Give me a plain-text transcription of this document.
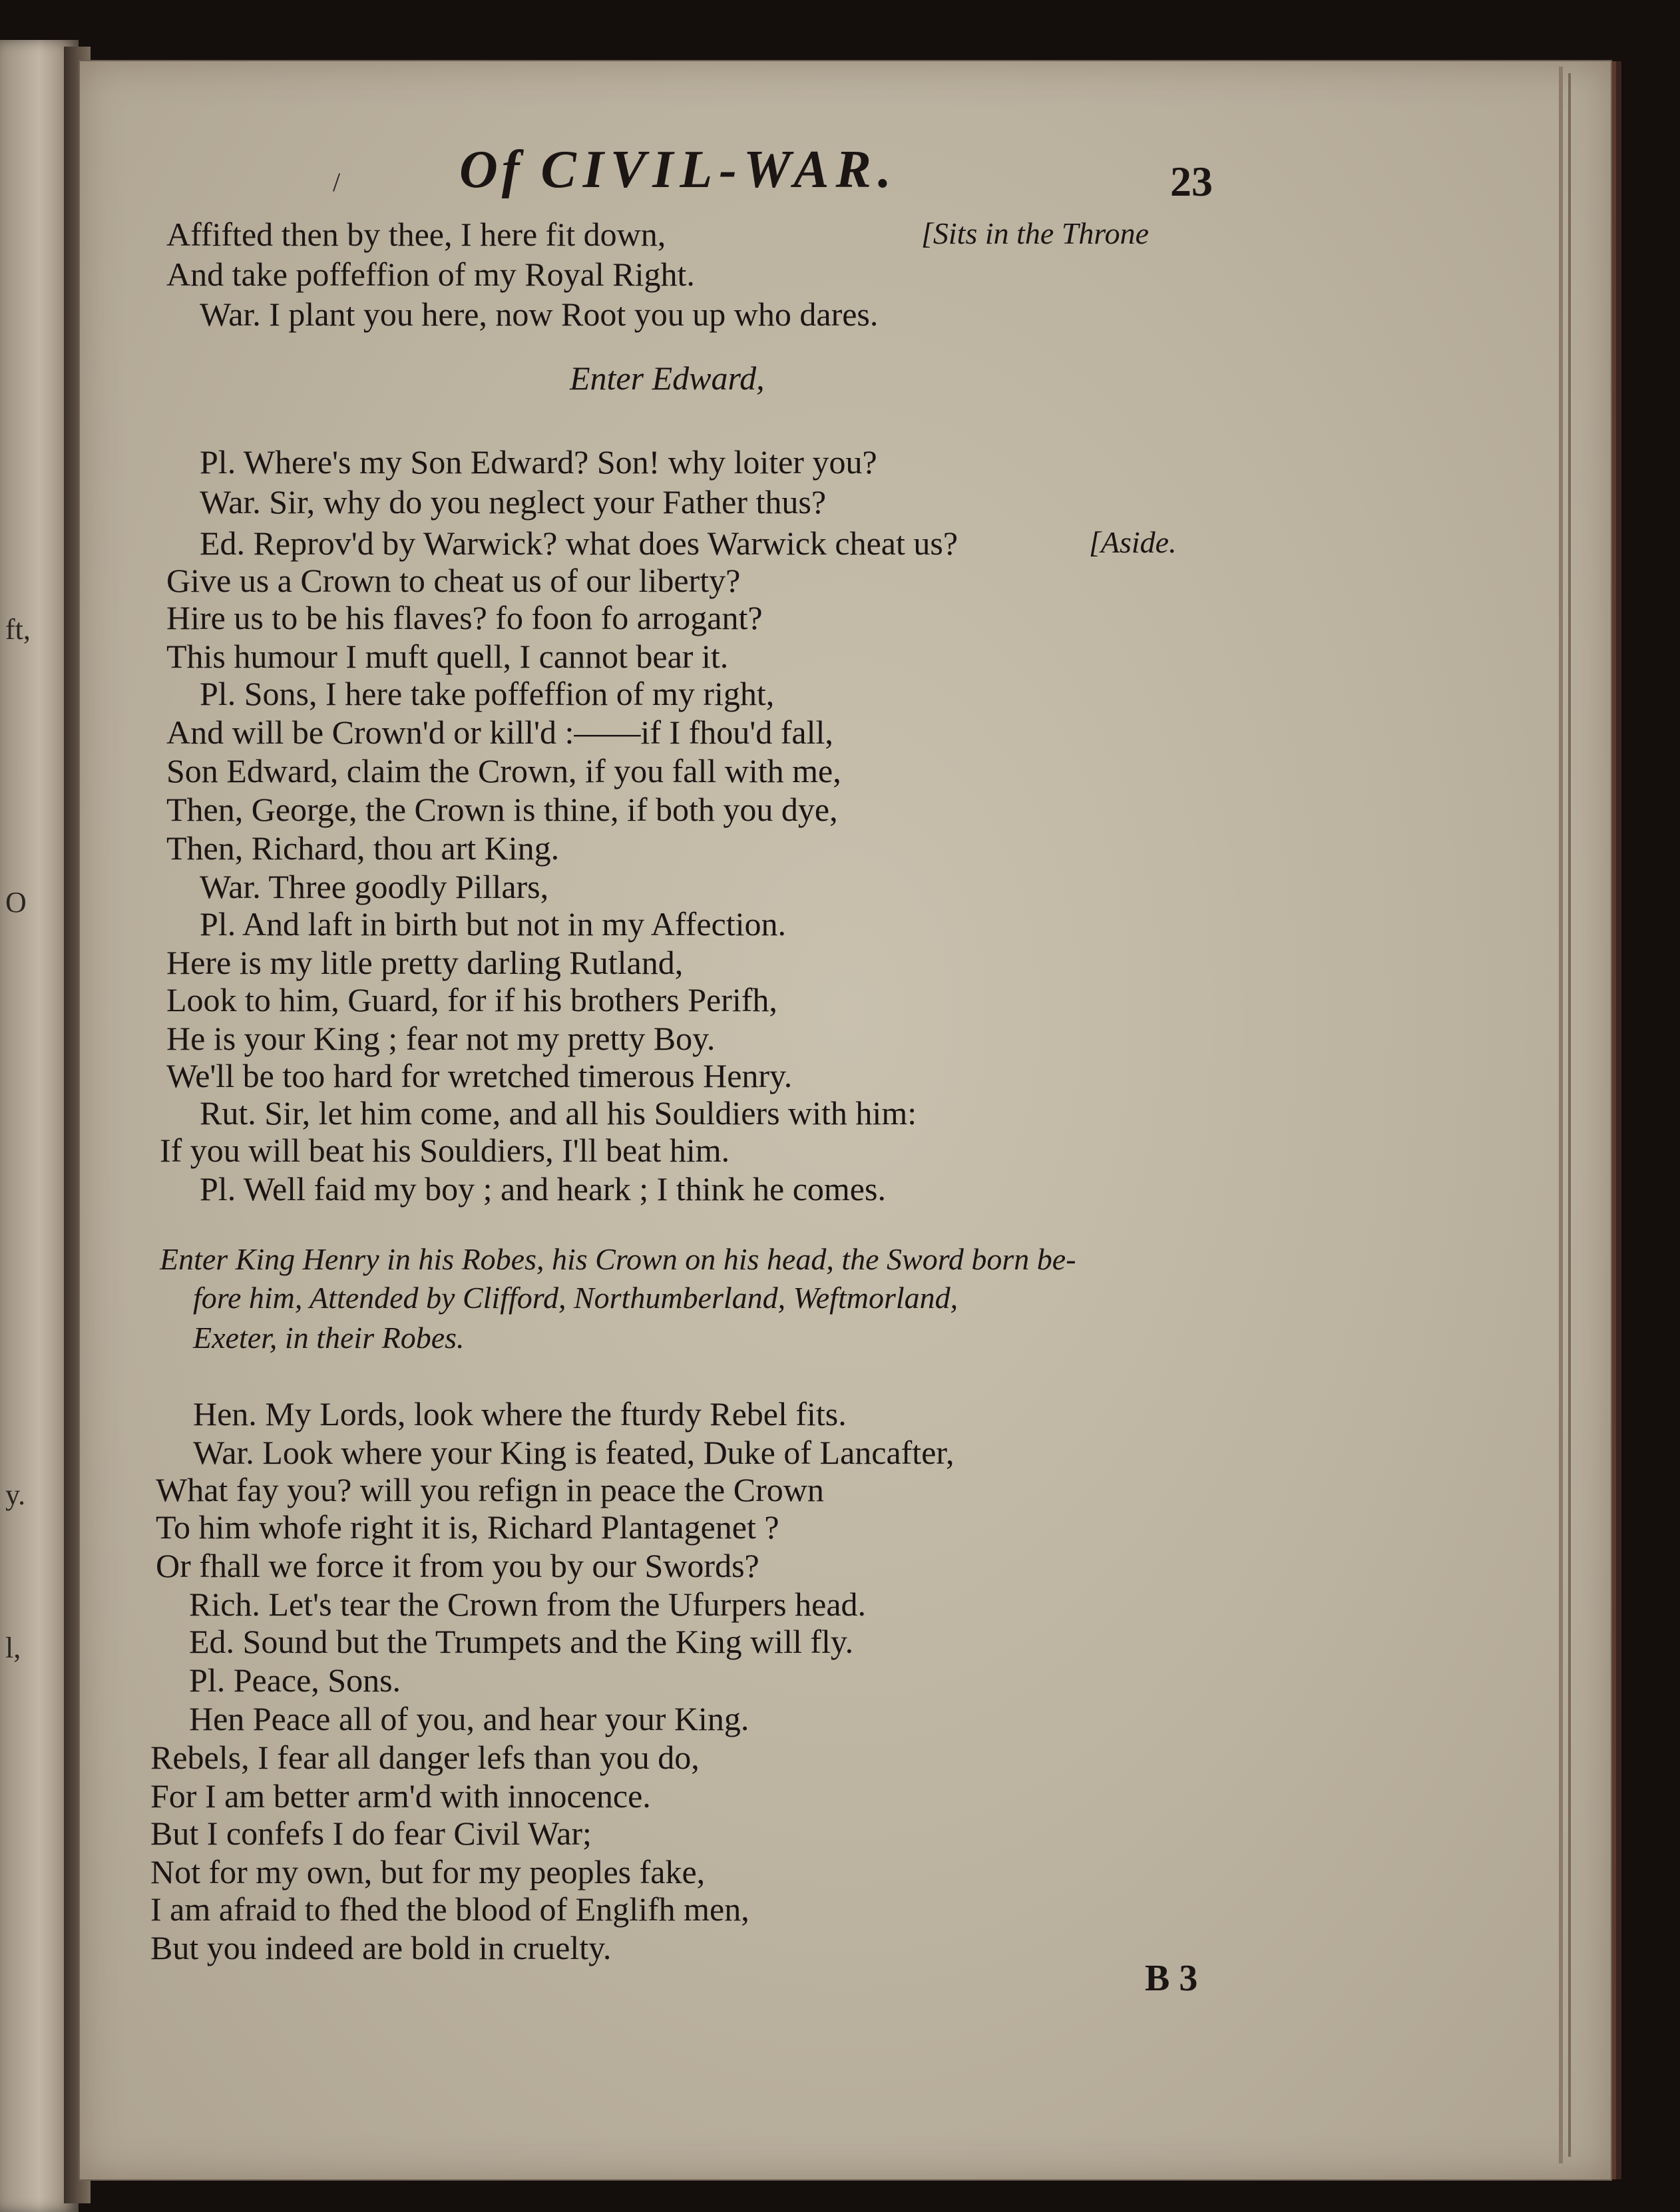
ft,
O
y.
l,
/ Of CIVIL-WAR.	23
[Sits in the Throne
[Aside.
Affifted then by thee, I here fit down,
And take poffeffion of my Royal Right.
War. I plant you here, now Root you up who dares.
Enter Edward,
Pl. Where's my Son Edward? Son! why loiter you?
War. Sir, why do you neglect your Father thus?
Ed. Reprov'd by Warwick? what does Warwick cheat us?
Give us a Crown to cheat us of our liberty?
Hire us to be his flaves? fo foon fo arrogant?
This humour I muft quell, I cannot bear it.
Pl. Sons, I here take poffeffion of my right,
And will be Crown'd or kill'd :——if I fhou'd fall,
Son Edward, claim the Crown, if you fall with me,
Then, George, the Crown is thine, if both you dye,
Then, Richard, thou art King.
War. Three goodly Pillars,
Pl. And laft in birth but not in my Affection.
Here is my litle pretty darling Rutland,
Look to him, Guard, for if his brothers Perifh,
He is your King ; fear not my pretty Boy.
We'll be too hard for wretched timerous Henry.
Rut. Sir, let him come, and all his Souldiers with him:
If you will beat his Souldiers, I'll beat him.
Pl. Well faid my boy ; and heark ; I think he comes.
Enter King Henry in his Robes, his Crown on his head, the Sword born be-
fore him, Attended by Clifford, Northumberland, Weftmorland,
Exeter, in their Robes.
Hen. My Lords, look where the fturdy Rebel fits.
War. Look where your King is feated, Duke of Lancafter,
What fay you? will you refign in peace the Crown
To him whofe right it is, Richard Plantagenet ?
Or fhall we force it from you by our Swords?
Rich. Let's tear the Crown from the Ufurpers head.
Ed. Sound but the Trumpets and the King will fly.
Pl. Peace, Sons.
Hen Peace all of you, and hear your King.
Rebels, I fear all danger lefs than you do,
For I am better arm'd with innocence.
But I confefs I do fear Civil War;
Not for my own, but for my peoples fake,
I am afraid to fhed the blood of Englifh men,
But you indeed are bold in cruelty.
B 3
